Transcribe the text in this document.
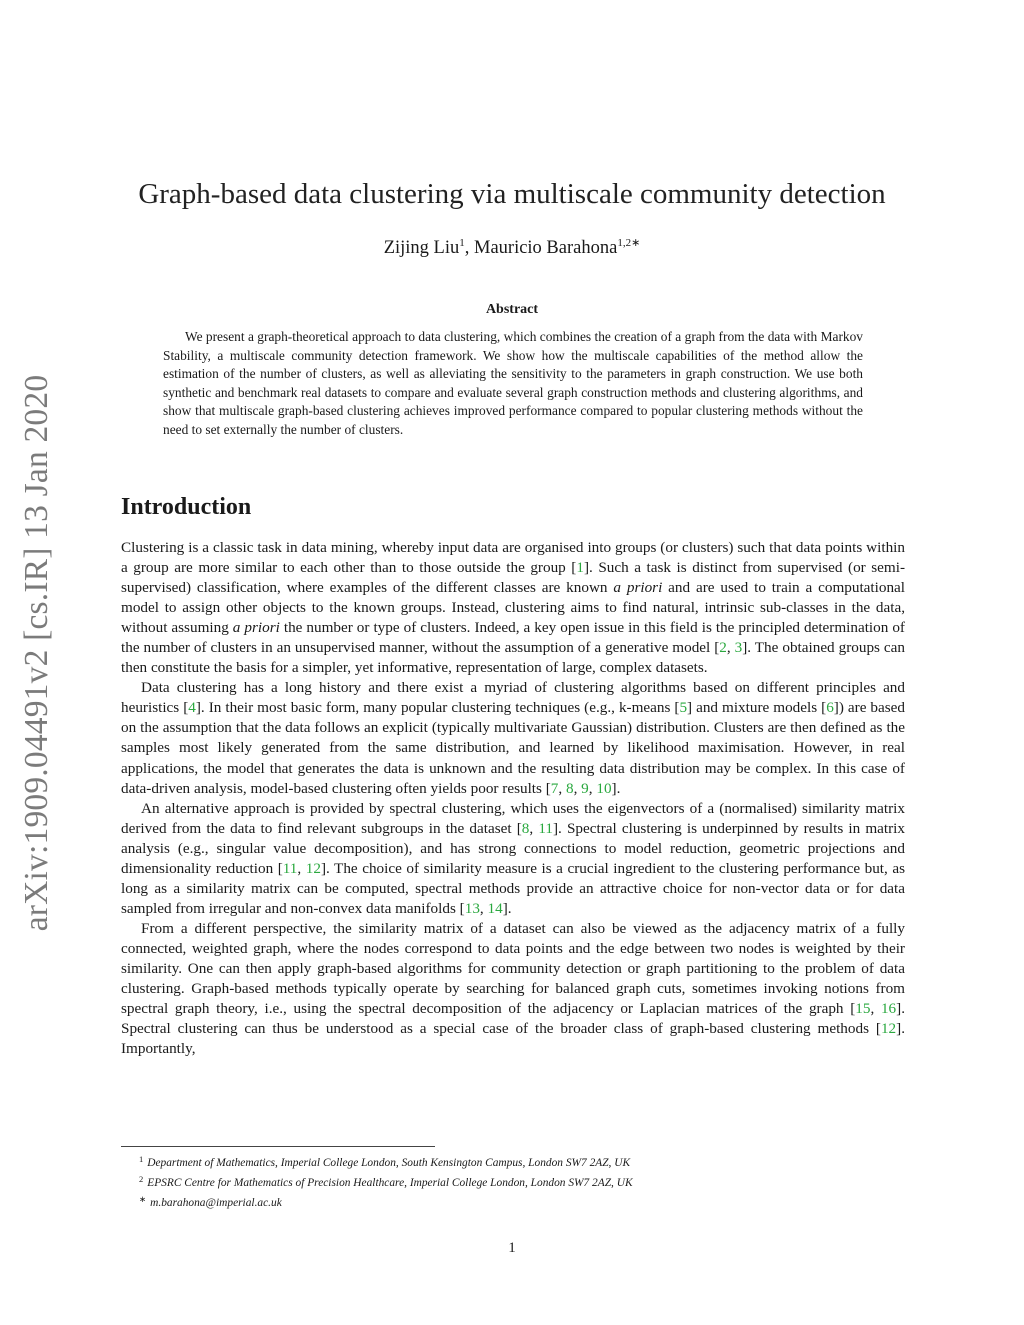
arXiv:1909.04491v2 [cs.IR] 13 Jan 2020
Graph-based data clustering via multiscale community detection
Zijing Liu$^1$, Mauricio Barahona$^{1,2∗}$
Abstract

We present a graph-theoretical approach to data clustering, which combines the creation of a graph from the data with Markov Stability, a multiscale community detection framework. We show how the multiscale capabilities of the method allow the estimation of the number of clusters, as well as alleviating the sensitivity to the parameters in graph construction. We use both synthetic and benchmark real datasets to compare and evaluate several graph construction methods and clustering algorithms, and show that multiscale graph-based clustering achieves improved performance compared to popular clustering methods without the need to set externally the number of clusters.

Introduction

Clustering is a classic task in data mining, whereby input data are organised into groups (or clusters) such that data points within a group are more similar to each other than to those outside the group [1]. Such a task is distinct from supervised (or semi-supervised) classification, where examples of the different classes are known a priori and are used to train a computational model to assign other objects to the known groups. Instead, clustering aims to find natural, intrinsic sub-classes in the data, without assuming a priori the number or type of clusters. Indeed, a key open issue in this field is the principled determination of the number of clusters in an unsupervised manner, without the assumption of a generative model [2, 3]. The obtained groups can then constitute the basis for a simpler, yet informative, representation of large, complex datasets.

Data clustering has a long history and there exist a myriad of clustering algorithms based on different principles and heuristics [4]. In their most basic form, many popular clustering techniques (e.g., k-means [5] and mixture models [6]) are based on the assumption that the data follows an explicit (typically multivariate Gaussian) distribution. Clusters are then defined as the samples most likely generated from the same distribution, and learned by likelihood maximisation. However, in real applications, the model that generates the data is unknown and the resulting data distribution may be complex. In this case of data-driven analysis, model-based clustering often yields poor results [7, 8, 9, 10].

An alternative approach is provided by spectral clustering, which uses the eigenvectors of a (normalised) similarity matrix derived from the data to find relevant subgroups in the dataset [8, 11]. Spectral clustering is underpinned by results in matrix analysis (e.g., singular value decomposition), and has strong connections to model reduction, geometric projections and dimensionality reduction [11, 12]. The choice of similarity measure is a crucial ingredient to the clustering performance but, as long as a similarity matrix can be computed, spectral methods provide an attractive choice for non-vector data or for data sampled from irregular and non-convex data manifolds [13, 14].

From a different perspective, the similarity matrix of a dataset can also be viewed as the adjacency matrix of a fully connected, weighted graph, where the nodes correspond to data points and the edge between two nodes is weighted by their similarity. One can then apply graph-based algorithms for community detection or graph partitioning to the problem of data clustering. Graph-based methods typically operate by searching for balanced graph cuts, sometimes invoking notions from spectral graph theory, i.e., using the spectral decomposition of the adjacency or Laplacian matrices of the graph [15, 16]. Spectral clustering can thus be understood as a special case of the broader class of graph-based clustering methods [12]. Importantly,

$^1$ Department of Mathematics, Imperial College London, South Kensington Campus, London SW7 2AZ, UK
$^2$ EPSRC Centre for Mathematics of Precision Healthcare, Imperial College London, London SW7 2AZ, UK
∗ m.barahona@imperial.ac.uk
1
